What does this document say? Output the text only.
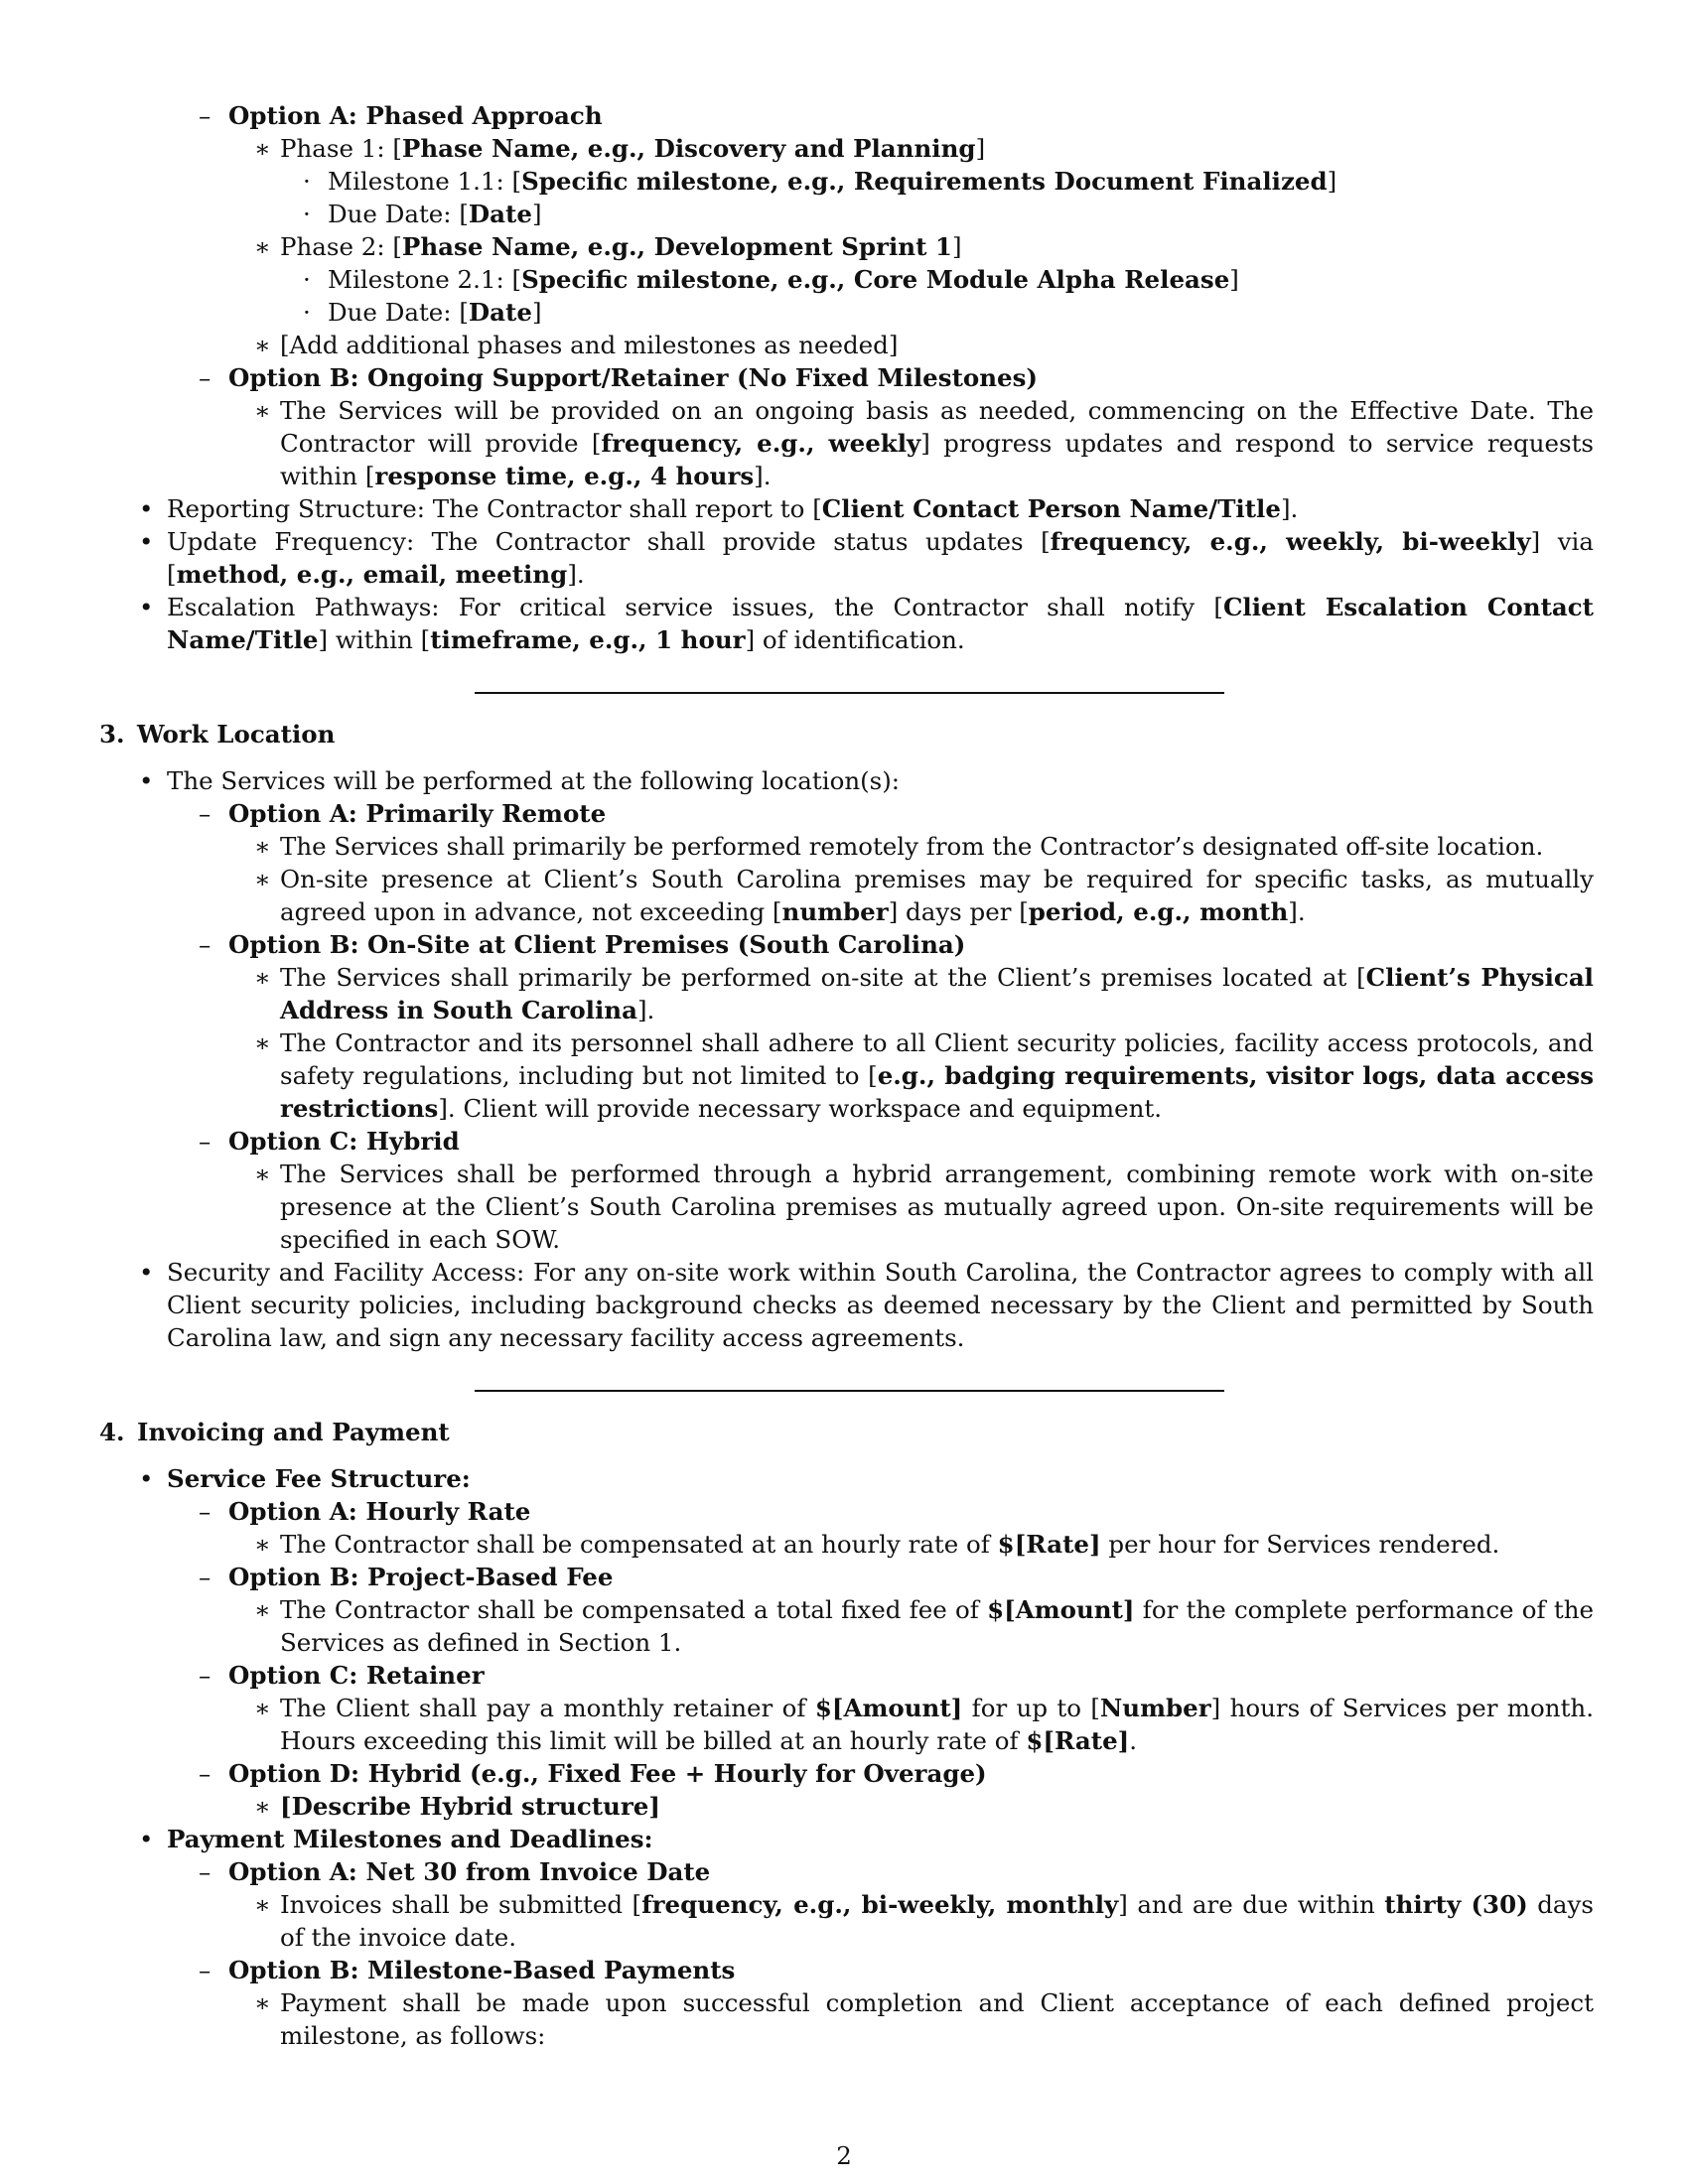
– Option A: Phased Approach
∗ Phase 1: [Phase Name, e.g., Discovery and Planning]
· Milestone 1.1: [Specific milestone, e.g., Requirements Document Finalized]
· Due Date: [Date]
∗ Phase 2: [Phase Name, e.g., Development Sprint 1]
· Milestone 2.1: [Specific milestone, e.g., Core Module Alpha Release]
· Due Date: [Date]
∗ [Add additional phases and milestones as needed]
– Option B: Ongoing Support/Retainer (No Fixed Milestones)
∗ The Services will be provided on an ongoing basis as needed, commencing on the Effective Date. The Contractor will provide [frequency, e.g., weekly] progress updates and respond to service requests within [response time, e.g., 4 hours].
• Reporting Structure: The Contractor shall report to [Client Contact Person Name/Title].
• Update Frequency: The Contractor shall provide status updates [frequency, e.g., weekly, bi-weekly] via [method, e.g., email, meeting].
• Escalation Pathways: For critical service issues, the Contractor shall notify [Client Escalation Contact Name/Title] within [timeframe, e.g., 1 hour] of identification.
3. Work Location
• The Services will be performed at the following location(s):
– Option A: Primarily Remote
∗ The Services shall primarily be performed remotely from the Contractor’s designated off-site location.
∗ On-site presence at Client’s South Carolina premises may be required for specific tasks, as mutually agreed upon in advance, not exceeding [number] days per [period, e.g., month].
– Option B: On-Site at Client Premises (South Carolina)
∗ The Services shall primarily be performed on-site at the Client’s premises located at [Client’s Physical Address in South Carolina].
∗ The Contractor and its personnel shall adhere to all Client security policies, facility access protocols, and safety regulations, including but not limited to [e.g., badging requirements, visitor logs, data access restrictions]. Client will provide necessary workspace and equipment.
– Option C: Hybrid
∗ The Services shall be performed through a hybrid arrangement, combining remote work with on-site presence at the Client’s South Carolina premises as mutually agreed upon. On-site requirements will be specified in each SOW.
• Security and Facility Access: For any on-site work within South Carolina, the Contractor agrees to comply with all Client security policies, including background checks as deemed necessary by the Client and permitted by South Carolina law, and sign any necessary facility access agreements.
4. Invoicing and Payment
• Service Fee Structure:
– Option A: Hourly Rate
∗ The Contractor shall be compensated at an hourly rate of $[Rate] per hour for Services rendered.
– Option B: Project-Based Fee
∗ The Contractor shall be compensated a total fixed fee of $[Amount] for the complete performance of the Services as defined in Section 1.
– Option C: Retainer
∗ The Client shall pay a monthly retainer of $[Amount] for up to [Number] hours of Services per month. Hours exceeding this limit will be billed at an hourly rate of $[Rate].
– Option D: Hybrid (e.g., Fixed Fee + Hourly for Overage)
∗ [Describe Hybrid structure]
• Payment Milestones and Deadlines:
– Option A: Net 30 from Invoice Date
∗ Invoices shall be submitted [frequency, e.g., bi-weekly, monthly] and are due within thirty (30) days of the invoice date.
– Option B: Milestone-Based Payments
∗ Payment shall be made upon successful completion and Client acceptance of each defined project milestone, as follows:
2
